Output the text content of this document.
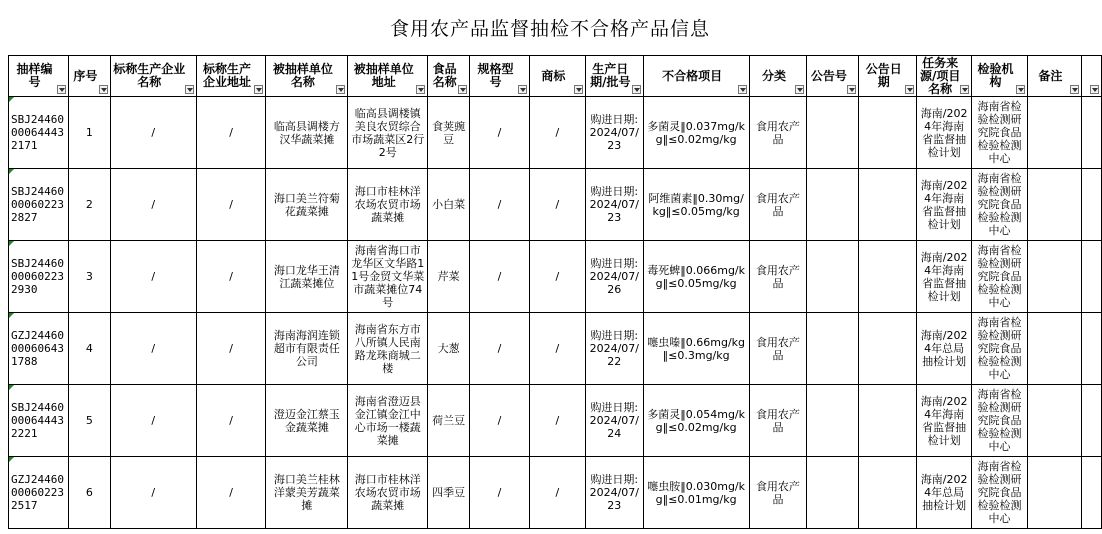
食用农产品监督抽检不合格产品信息
抽样编号	序号	标称生产企业名称	标称生产企业地址	被抽样单位名称	被抽样单位地址	食品名称	规格型号	商标	生产日期/批号	不合格项目	分类	公告号	公告日期	任务来源/项目名称	检验机构	备注	

SBJ24460000644432171	1	/	/	临高县调楼方汉华蔬菜摊	临高县调楼镇美良农贸综合市场蔬菜区2行2号	食荚豌豆	/	/	购进日期:2024/07/23	多菌灵‖0.037mg/kg‖≤0.02mg/kg	食用农产品			海南/2024年海南省监督抽检计划	海南省检验检测研究院食品检验检测中心		
SBJ24460000602232827	2	/	/	海口美兰符菊花蔬菜摊	海口市桂林洋农场农贸市场蔬菜摊	小白菜	/	/	购进日期:2024/07/23	阿维菌素‖0.30mg/kg‖≤0.05mg/kg	食用农产品			海南/2024年海南省监督抽检计划	海南省检验检测研究院食品检验检测中心		
SBJ24460000602232930	3	/	/	海口龙华王清江蔬菜摊位	海南省海口市龙华区文华路11号金贸文华菜市蔬菜摊位74号	芹菜	/	/	购进日期:2024/07/26	毒死蜱‖0.066mg/kg‖≤0.05mg/kg	食用农产品			海南/2024年海南省监督抽检计划	海南省检验检测研究院食品检验检测中心		
GZJ24460000606431788	4	/	/	海南海润连锁超市有限责任公司	海南省东方市八所镇人民南路龙珠商城二楼	大葱	/	/	购进日期:2024/07/22	噻虫嗪‖0.66mg/kg‖≤0.3mg/kg	食用农产品			海南/2024年总局抽检计划	海南省检验检测研究院食品检验检测中心		
SBJ24460000644432221	5	/	/	澄迈金江蔡玉金蔬菜摊	海南省澄迈县金江镇金江中心市场一楼蔬菜摊	荷兰豆	/	/	购进日期:2024/07/24	多菌灵‖0.054mg/kg‖≤0.02mg/kg	食用农产品			海南/2024年海南省监督抽检计划	海南省检验检测研究院食品检验检测中心		
GZJ24460000602232517	6	/	/	海口美兰桂林洋蒙美芳蔬菜摊	海口市桂林洋农场农贸市场蔬菜摊	四季豆	/	/	购进日期:2024/07/23	噻虫胺‖0.030mg/kg‖≤0.01mg/kg	食用农产品			海南/2024年总局抽检计划	海南省检验检测研究院食品检验检测中心		
